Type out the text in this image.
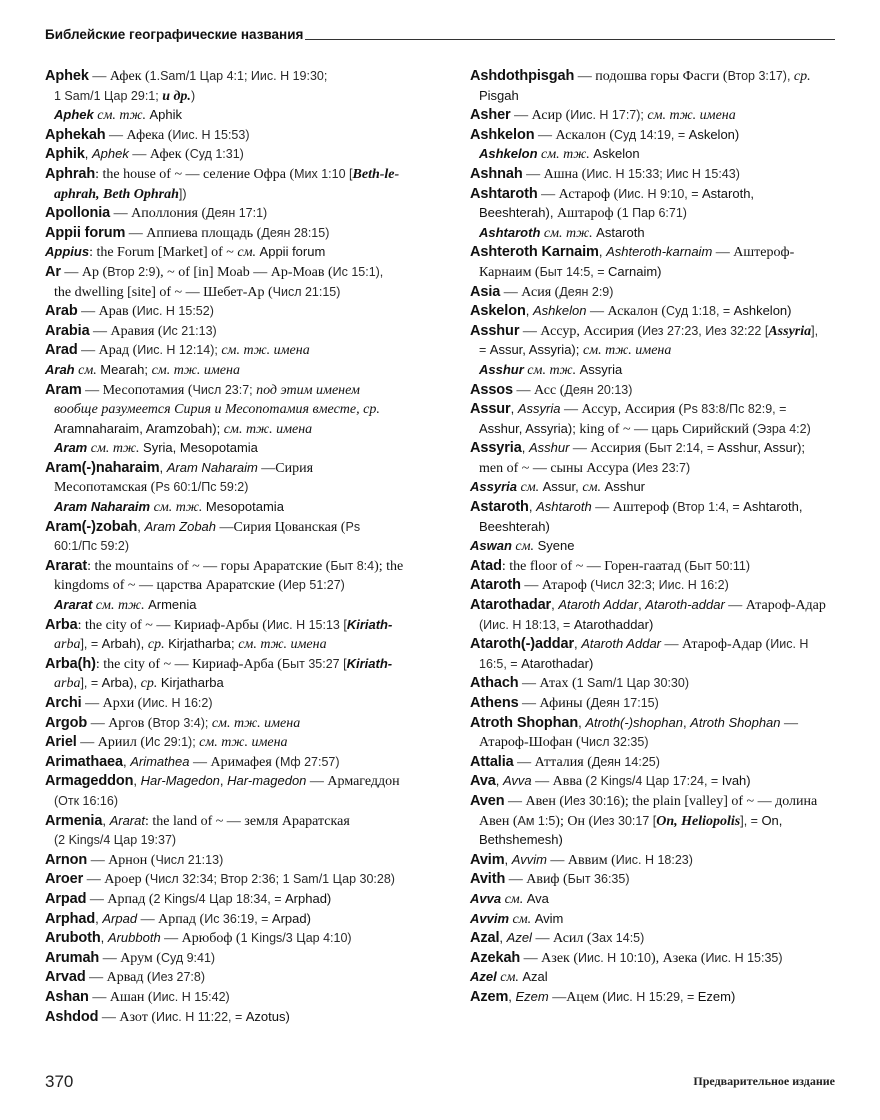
Библейские географические названия
Aphek — Афек (1.Sam/1 Цар 4:1; Иис. Н 19:30;
1 Sam/1 Цар 29:1; и др.)
Aphek см. тж. Aphik
Aphekah — Афека (Иис. Н 15:53)
Aphik, Aphek — Афек (Суд 1:31)
Aphrah: the house of ~ — селение Офра (Мих 1:10 [Beth-le-
aphrah, Beth Ophrah])
Apollonia — Аполлония (Деян 17:1)
Appii forum — Аппиева площадь (Деян 28:15)
Appius: the Forum [Market] of ~ см. Appii forum
Ar — Ар (Втор 2:9), ~ of [in] Moab — Ар-Моав (Ис 15:1),
the dwelling [site] of ~ — Шебет-Ар (Числ 21:15)
Arab — Арав (Иис. Н 15:52)
Arabia — Аравия (Ис 21:13)
Arad — Арад (Иис. Н 12:14); см. тж. имена
Arah см. Mearah; см. тж. имена
Aram — Месопотамия (Числ 23:7; под этим именем
вообще разумеется Сирия и Месопотамия вместе, ср.
Aramnaharaim, Aramzobah); см. тж. имена
Aram см. тж. Syria, Mesopotamia
Aram(-)naharaim, Aram Naharaim —Сирия
Месопотамская (Ps 60:1/Пс 59:2)
Aram Naharaim см. тж. Mesopotamia
Aram(-)zobah, Aram Zobah —Сирия Цованская (Ps
60:1/Пс 59:2)
Ararat: the mountains of ~ — горы Араратские (Быт 8:4); the
kingdoms of ~ — царства Араратские (Иер 51:27)
Ararat см. тж. Armenia
Arba: the city of ~ — Кириаф-Арбы (Иис. Н 15:13 [Kiriath-
arba], = Arbah), ср. Kirjatharba; см. тж. имена
Arba(h): the city of ~ — Кириаф-Арба (Быт 35:27 [Kiriath-
arba], = Arba), ср. Kirjatharba
Archi — Архи (Иис. Н 16:2)
Argob — Аргов (Втор 3:4); см. тж. имена
Ariel — Ариил (Ис 29:1); см. тж. имена
Arimathaea, Arimathea — Аримафея (Мф 27:57)
Armageddon, Har-Magedon, Har-magedon — Армагеддон
(Отк 16:16)
Armenia, Ararat: the land of ~ — земля Араратская
(2 Kings/4 Цар 19:37)
Arnon — Арнон (Числ 21:13)
Aroer — Ароер (Числ 32:34; Втор 2:36; 1 Sam/1 Цар 30:28)
Arpad — Арпад (2 Kings/4 Цар 18:34, = Arphad)
Arphad, Arpad — Арпад (Ис 36:19, = Arpad)
Aruboth, Arubboth — Арюбоф (1 Kings/3 Цар 4:10)
Arumah — Арум (Суд 9:41)
Arvad — Арвад (Иез 27:8)
Ashan — Ашан (Иис. Н 15:42)
Ashdod — Азот (Иис. Н 11:22, = Azotus)
Ashdothpisgah — подошва горы Фасги (Втор 3:17), ср.
Pisgah
Asher — Асир (Иис. Н 17:7); см. тж. имена
Ashkelon — Аскалон (Суд 14:19, = Askelon)
Ashkelon см. тж. Askelon
Ashnah — Ашна (Иис. Н 15:33; Иис Н 15:43)
Ashtaroth — Астароф (Иис. Н 9:10, = Astaroth,
Beeshterah), Аштароф (1 Пар 6:71)
Ashtaroth см. тж. Astaroth
Ashteroth Karnaim, Ashteroth-karnaim — Аштероф-
Карнаим (Быт 14:5, = Carnaim)
Asia — Асия (Деян 2:9)
Askelon, Ashkelon — Аскалон (Суд 1:18, = Ashkelon)
Asshur — Ассур, Ассирия (Иез 27:23, Иез 32:22 [Assyria],
= Assur, Assyria); см. тж. имена
Asshur см. тж. Assyria
Assos — Асс (Деян 20:13)
Assur, Assyria — Ассур, Ассирия (Ps 83:8/Пс 82:9, =
Asshur, Assyria); king of ~ — царь Сирийский (Эзра 4:2)
Assyria, Asshur — Ассирия (Быт 2:14, = Asshur, Assur);
men of ~ — сыны Ассура (Иез 23:7)
Assyria см. Assur, см. Asshur
Astaroth, Ashtaroth — Аштероф (Втор 1:4, = Ashtaroth,
Beeshterah)
Aswan см. Syene
Atad: the floor of ~ — Горен-гаатад (Быт 50:11)
Ataroth — Атароф (Числ 32:3; Иис. Н 16:2)
Atarothadar, Ataroth Addar, Ataroth-addar — Атароф-Адар
(Иис. Н 18:13, = Atarothaddar)
Ataroth(-)addar, Ataroth Addar — Атароф-Адар (Иис. Н
16:5, = Atarothadar)
Athach — Атах (1 Sam/1 Цар 30:30)
Athens — Афины (Деян 17:15)
Atroth Shophan, Atroth(-)shophan, Atroth Shophan —
Атароф-Шофан (Числ 32:35)
Attalia — Атталия (Деян 14:25)
Ava, Avva — Авва (2 Kings/4 Цар 17:24, = Ivah)
Aven — Авен (Иез 30:16); the plain [valley] of ~ — долина
Авен (Ам 1:5); Он (Иез 30:17 [On, Heliopolis], = On,
Bethshemesh)
Avim, Avvim — Аввим (Иис. Н 18:23)
Avith — Авиф (Быт 36:35)
Avva см. Ava
Avvim см. Avim
Azal, Azel — Асил (Зах 14:5)
Azekah — Азек (Иис. Н 10:10), Азека (Иис. Н 15:35)
Azel см. Azal
Azem, Ezem —Ацем (Иис. Н 15:29, = Ezem)
370	Предварительное издание
